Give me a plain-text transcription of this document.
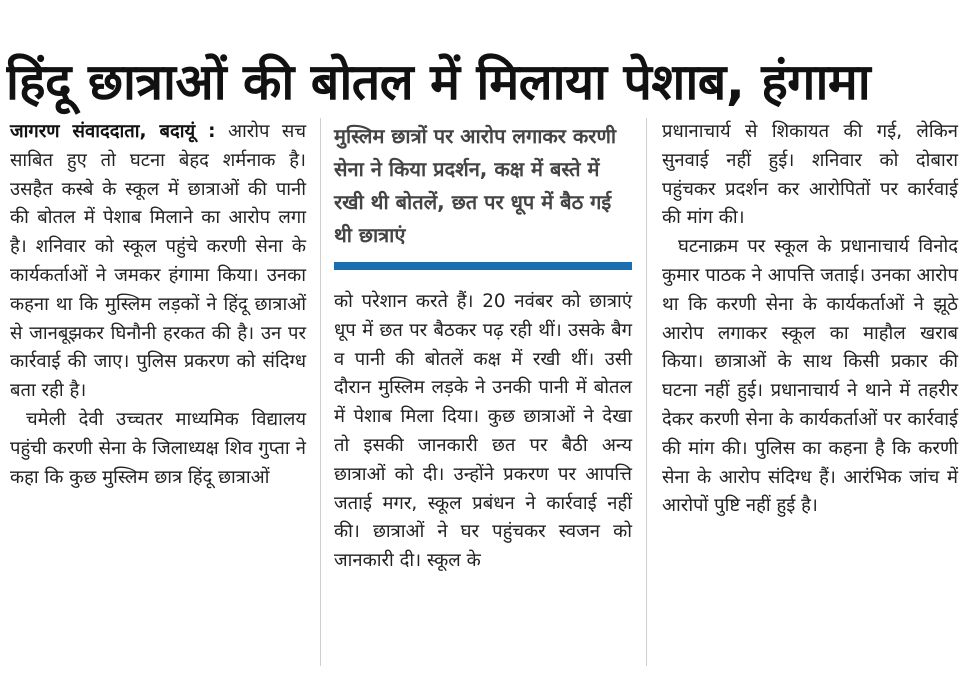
हिंदू छात्राओं की बोतल में मिलाया पेशाब, हंगामा

जागरण संवाददाता, बदायूं : आरोप सच साबित हुए तो घटना बेहद शर्मनाक है। उसहैत कस्बे के स्कूल में छात्राओं की पानी की बोतल में पेशाब मिलाने का आरोप लगा है। शनिवार को स्कूल पहुंचे करणी सेना के कार्यकर्ताओं ने जमकर हंगामा किया। उनका कहना था कि मुस्लिम लड़कों ने हिंदू छात्राओं से जानबूझकर घिनौनी हरकत की है। उन पर कार्रवाई की जाए। पुलिस प्रकरण को संदिग्ध बता रही है।

चमेली देवी उच्चतर माध्यमिक विद्यालय पहुंची करणी सेना के जिलाध्यक्ष शिव गुप्ता ने कहा कि कुछ मुस्लिम छात्र हिंदू छात्राओं

मुस्लिम छात्रों पर आरोप लगाकर करणी सेना ने किया प्रदर्शन, कक्ष में बस्ते में रखी थी बोतलें, छत पर धूप में बैठ गई थी छात्राएं

को परेशान करते हैं। 20 नवंबर को छात्राएं धूप में छत पर बैठकर पढ़ रही थीं। उसके बैग व पानी की बोतलें कक्ष में रखी थीं। उसी दौरान मुस्लिम लड़के ने उनकी पानी में बोतल में पेशाब मिला दिया। कुछ छात्राओं ने देखा तो इसकी जानकारी छत पर बैठी अन्य छात्राओं को दी। उन्होंने प्रकरण पर आपत्ति जताई मगर, स्कूल प्रबंधन ने कार्रवाई नहीं की। छात्राओं ने घर पहुंचकर स्वजन को जानकारी दी। स्कूल के

प्रधानाचार्य से शिकायत की गई, लेकिन सुनवाई नहीं हुई। शनिवार को दोबारा पहुंचकर प्रदर्शन कर आरोपितों पर कार्रवाई की मांग की।

घटनाक्रम पर स्कूल के प्रधानाचार्य विनोद कुमार पाठक ने आपत्ति जताई। उनका आरोप था कि करणी सेना के कार्यकर्ताओं ने झूठे आरोप लगाकर स्कूल का माहौल खराब किया। छात्राओं के साथ किसी प्रकार की घटना नहीं हुई। प्रधानाचार्य ने थाने में तहरीर देकर करणी सेना के कार्यकर्ताओं पर कार्रवाई की मांग की। पुलिस का कहना है कि करणी सेना के आरोप संदिग्ध हैं। आरंभिक जांच में आरोपों पुष्टि नहीं हुई है।
